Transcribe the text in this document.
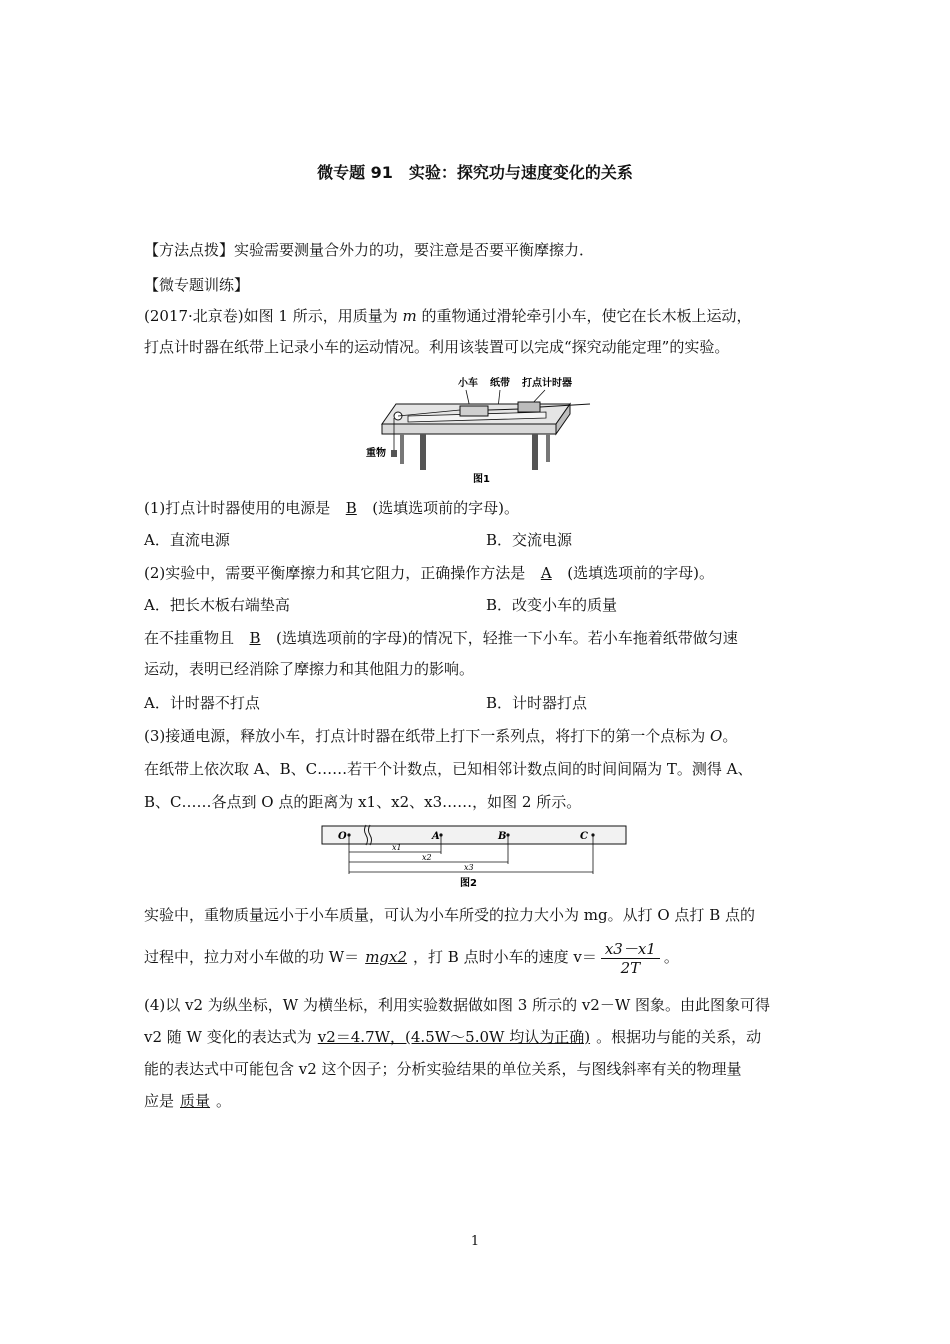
微专题 91　实验：探究功与速度变化的关系
【方法点拨】实验需要测量合外力的功，要注意是否要平衡摩擦力．
【微专题训练】
(2017·北京卷)如图 1 所示，用质量为 m 的重物通过滑轮牵引小车，使它在长木板上运动，
打点计时器在纸带上记录小车的运动情况。利用该装置可以完成“探究动能定理”的实验。
小车 纸带 打点计时器
重物
图1
(1)打点计时器使用的电源是 B (选填选项前的字母)。
A．直流电源	B．交流电源
(2)实验中，需要平衡摩擦力和其它阻力，正确操作方法是 A (选填选项前的字母)。
A．把长木板右端垫高	B．改变小车的质量
在不挂重物且 B (选填选项前的字母)的情况下，轻推一下小车。若小车拖着纸带做匀速
运动，表明已经消除了摩擦力和其他阻力的影响。
A．计时器不打点	B．计时器打点
(3)接通电源，释放小车，打点计时器在纸带上打下一系列点，将打下的第一个点标为 O。
在纸带上依次取 A、B、C……若干个计数点，已知相邻计数点间的时间间隔为 T。测得 A、
B、C……各点到 O 点的距离为 x1、x2、x3……，如图 2 所示。
O	A	B	C
x1
x2
x3
图2
实验中，重物质量远小于小车质量，可认为小车所受的拉力大小为 mg。从打 O 点打 B 点的
过程中，拉力对小车做的功 W＝ mgx2 ，打 B 点时小车的速度 $v= \frac{x3-x1}{2T}$ 。
(4)以 v2 为纵坐标，W 为横坐标，利用实验数据做如图 3 所示的 v2－W 图象。由此图象可得
v2 随 W 变化的表达式为 v2＝4.7W，(4.5W～5.0W 均认为正确) 。根据功与能的关系，动
能的表达式中可能包含 v2 这个因子；分析实验结果的单位关系，与图线斜率有关的物理量
应是 质量 。
1
